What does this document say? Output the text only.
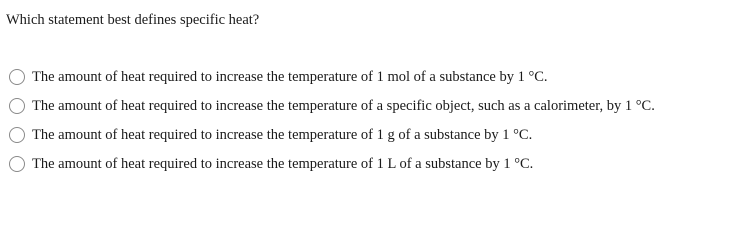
Which statement best defines specific heat?
The amount of heat required to increase the temperature of 1 mol of a substance by 1 °C.
The amount of heat required to increase the temperature of a specific object, such as a calorimeter, by 1 °C.
The amount of heat required to increase the temperature of 1 g of a substance by 1 °C.
The amount of heat required to increase the temperature of 1 L of a substance by 1 °C.
